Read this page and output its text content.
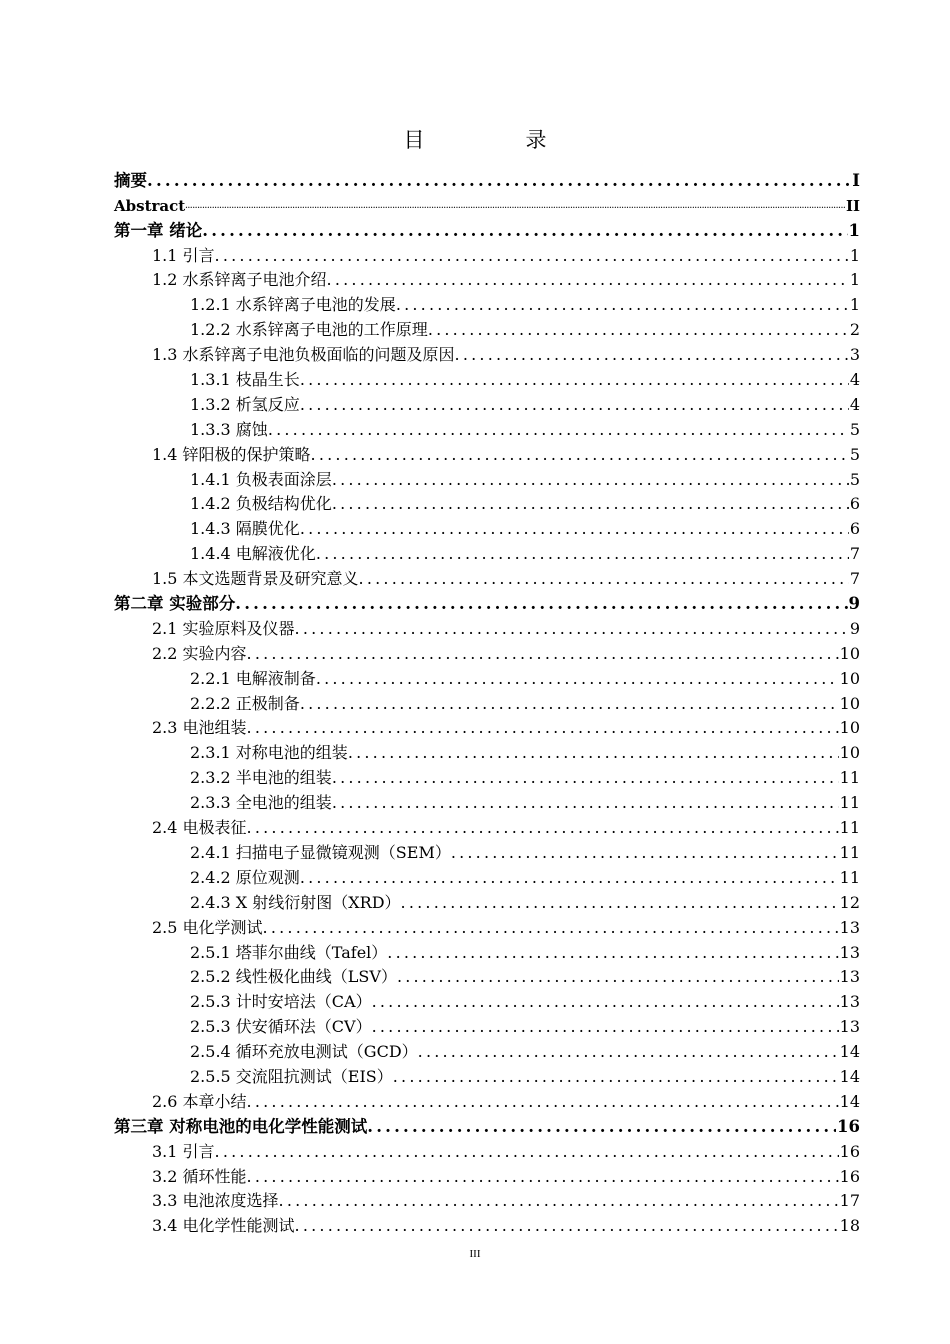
目　录
摘要 .....	I
Abstract .....	II
第一章 绪论 .....	1
1.1 引言 .....	1
1.2 水系锌离子电池介绍 .....	1
1.2.1 水系锌离子电池的发展 .....	1
1.2.2 水系锌离子电池的工作原理 .....	2
1.3 水系锌离子电池负极面临的问题及原因 .....	3
1.3.1 枝晶生长 .....	4
1.3.2 析氢反应 .....	4
1.3.3 腐蚀 .....	5
1.4 锌阳极的保护策略 .....	5
1.4.1 负极表面涂层 .....	5
1.4.2 负极结构优化 .....	6
1.4.3 隔膜优化 .....	6
1.4.4 电解液优化 .....	7
1.5 本文选题背景及研究意义 .....	7
第二章 实验部分 .....	9
2.1 实验原料及仪器 .....	9
2.2 实验内容 .....	10
2.2.1 电解液制备 .....	10
2.2.2 正极制备 .....	10
2.3 电池组装 .....	10
2.3.1 对称电池的组装 .....	10
2.3.2 半电池的组装 .....	11
2.3.3 全电池的组装 .....	11
2.4 电极表征 .....	11
2.4.1 扫描电子显微镜观测（SEM） .....	11
2.4.2 原位观测 .....	11
2.4.3 X 射线衍射图（XRD） .....	12
2.5 电化学测试 .....	13
2.5.1 塔菲尔曲线（Tafel） .....	13
2.5.2 线性极化曲线（LSV） .....	13
2.5.3 计时安培法（CA） .....	13
2.5.3 伏安循环法（CV） .....	13
2.5.4 循环充放电测试（GCD） .....	14
2.5.5 交流阻抗测试（EIS） .....	14
2.6 本章小结 .....	14
第三章 对称电池的电化学性能测试 .....	16
3.1 引言 .....	16
3.2 循环性能 .....	16
3.3 电池浓度选择 .....	17
3.4 电化学性能测试 .....	18
III
